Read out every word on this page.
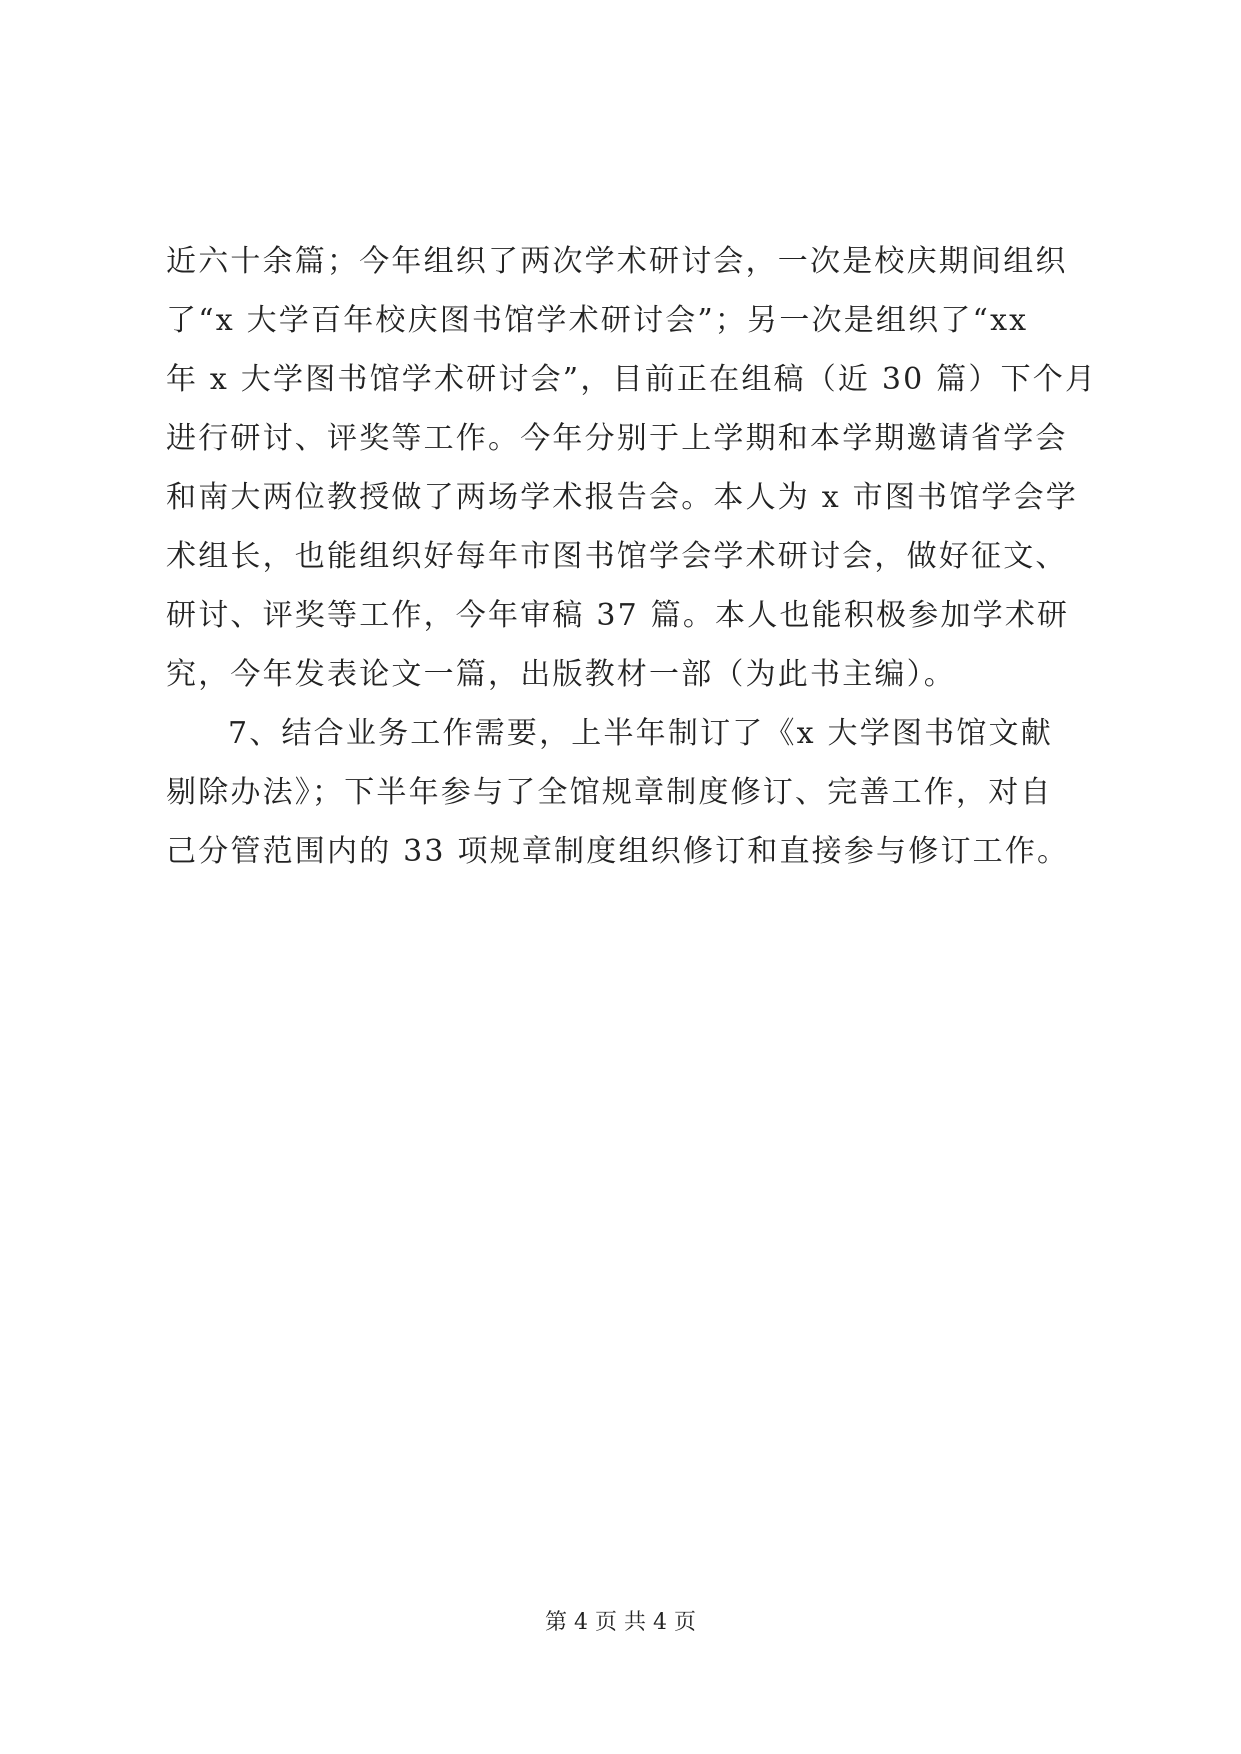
近六十余篇；今年组织了两次学术研讨会，一次是校庆期间组织
了“x 大学百年校庆图书馆学术研讨会”；另一次是组织了“xx
年 x 大学图书馆学术研讨会”，目前正在组稿（近 30 篇）下个月
进行研讨、评奖等工作。今年分别于上学期和本学期邀请省学会
和南大两位教授做了两场学术报告会。本人为 x 市图书馆学会学
术组长，也能组织好每年市图书馆学会学术研讨会，做好征文、
研讨、评奖等工作，今年审稿 37 篇。本人也能积极参加学术研
究，今年发表论文一篇，出版教材一部（为此书主编）。
7、结合业务工作需要，上半年制订了《x 大学图书馆文献
剔除办法》；下半年参与了全馆规章制度修订、完善工作，对自
己分管范围内的 33 项规章制度组织修订和直接参与修订工作。
第 4 页 共 4 页
